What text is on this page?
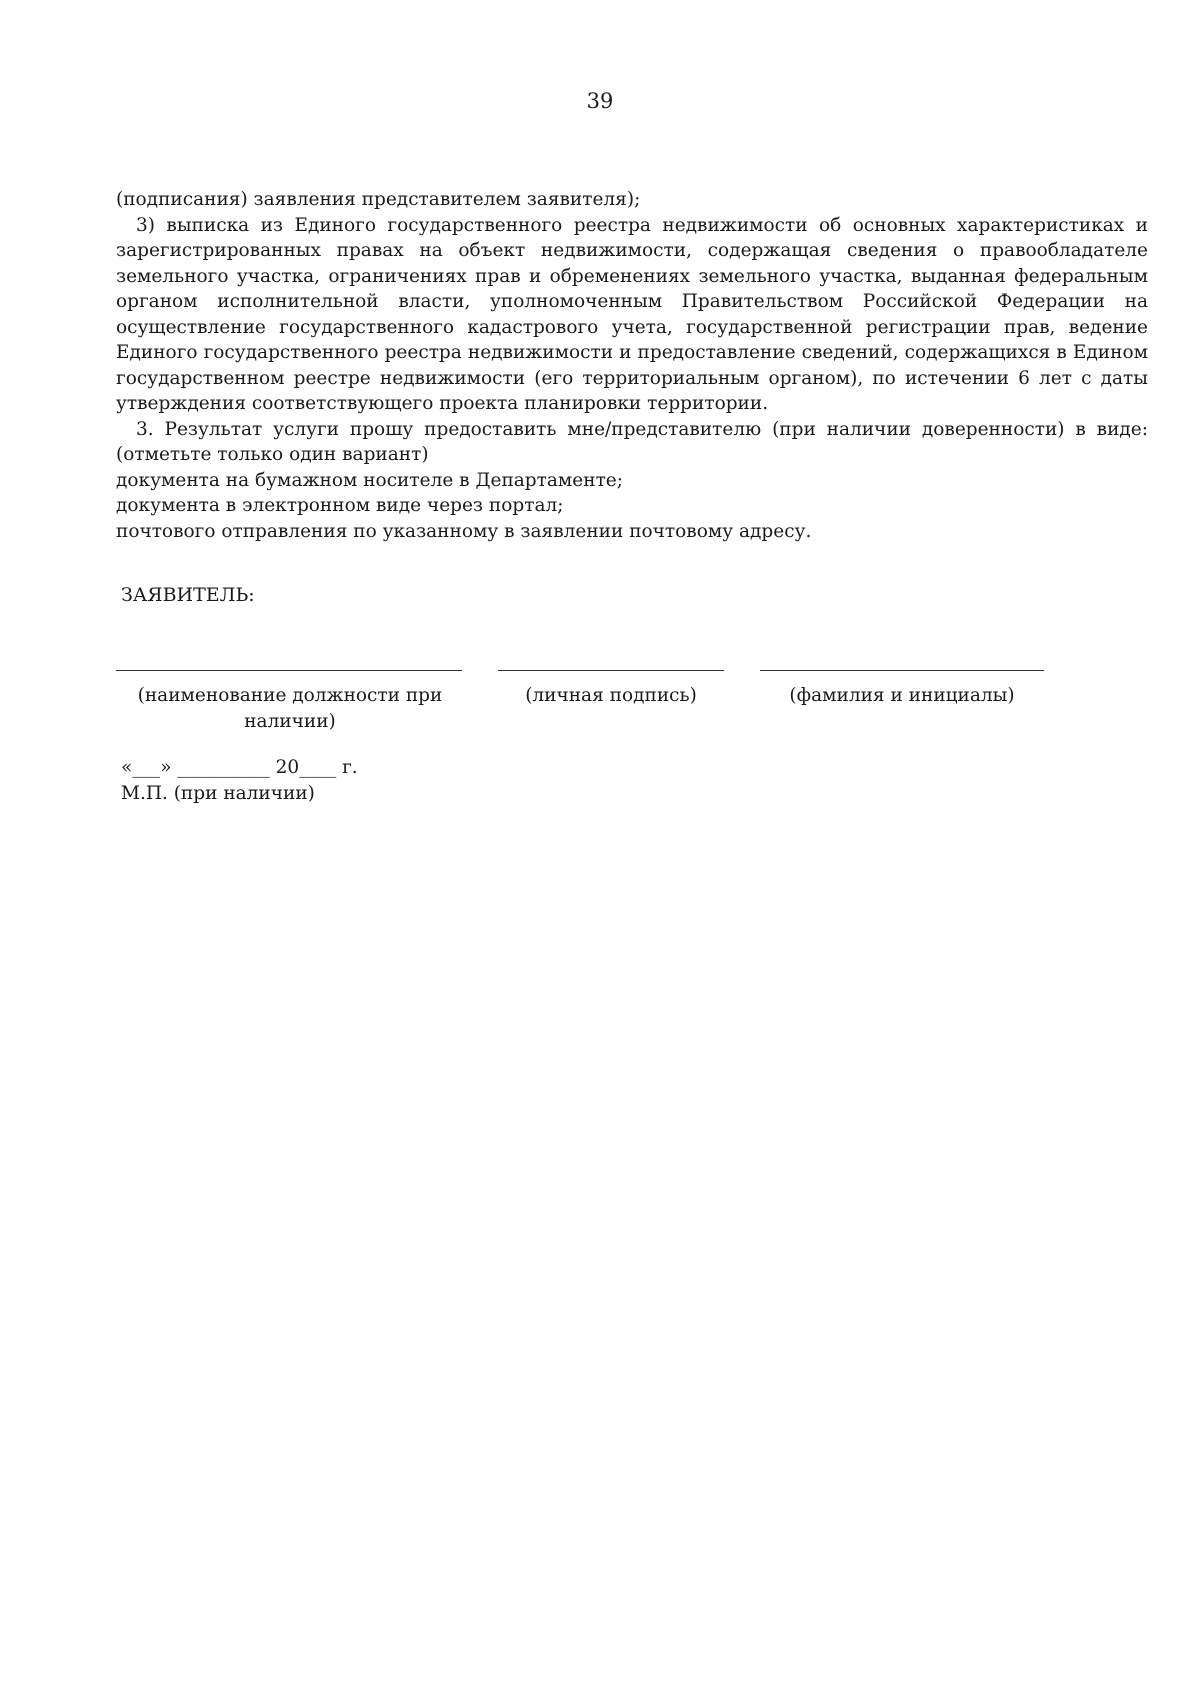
39

(подписания) заявления представителем заявителя);

3) выписка из Единого государственного реестра недвижимости об основных характеристиках и зарегистрированных правах на объект недвижимости, содержащая сведения о правообладателе земельного участка, ограничениях прав и обременениях земельного участка, выданная федеральным органом исполнительной власти, уполномоченным Правительством Российской Федерации на осуществление государственного кадастрового учета, государственной регистрации прав, ведение Единого государственного реестра недвижимости и предоставление сведений, содержащихся в Едином государственном реестре недвижимости (его территориальным органом), по истечении 6 лет с даты утверждения соответствующего проекта планировки территории.

3. Результат услуги прошу предоставить мне/представителю (при наличии доверенности) в виде: (отметьте только один вариант)

документа на бумажном носителе в Департаменте;

документа в электронном виде через портал;

почтового отправления по указанному в заявлении почтовому адресу.

ЗАЯВИТЕЛЬ:
(наименование должности при наличии)
(личная подпись)	(фамилия и инициалы)
«___» __________ 20____ г.
М.П. (при наличии)
